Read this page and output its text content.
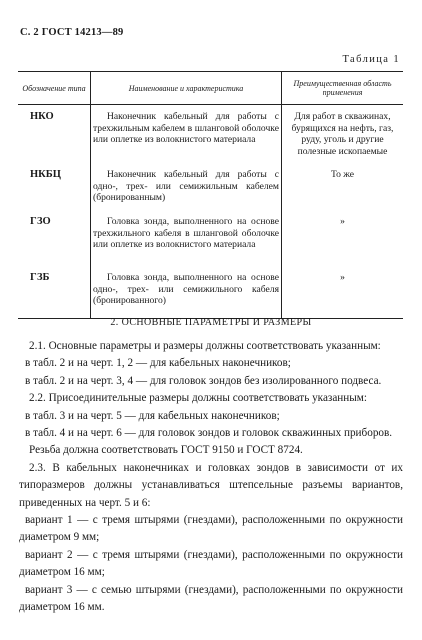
С. 2 ГОСТ 14213—89
Таблица 1
Обозначение типа	Наименование и характеристика	Преимущественная область применения
НКО	Наконечник кабельный для работы с трехжильным кабелем в шланговой оболочке или оплетке из волокнистого материала	Для работ в скважинах, бурящихся на нефть, газ, руду, уголь и другие полезные ископаемые
НКБЦ	Наконечник кабельный для работы с одно-, трех- или семижильным кабелем (бронированным)	То же
ГЗО	Головка зонда, выполненного на основе трехжильного кабеля в шланговой оболочке или оплетке из волокнистого материала	»
ГЗБ	Головка зонда, выполненного на основе одно-, трех- или семижильного кабеля (бронированного)	»
2. ОСНОВНЫЕ ПАРАМЕТРЫ И РАЗМЕРЫ

2.1. Основные параметры и размеры должны соответствовать указанным:

в табл. 2 и на черт. 1, 2 — для кабельных наконечников;

в табл. 2 и на черт. 3, 4 — для головок зондов без изолированного подвеса.

2.2. Присоединительные размеры должны соответствовать указанным:

в табл. 3 и на черт. 5 — для кабельных наконечников;

в табл. 4 и на черт. 6 — для головок зондов и головок скважинных приборов.

Резьба должна соответствовать ГОСТ 9150 и ГОСТ 8724.

2.3. В кабельных наконечниках и головках зондов в зависимости от их типоразмеров должны устанавливаться штепсельные разъемы вариантов, приведенных на черт. 5 и 6:

вариант 1 — с тремя штырями (гнездами), расположенными по окружности диаметром 9 мм;

вариант 2 — с тремя штырями (гнездами), расположенными по окружности диаметром 16 мм;

вариант 3 — с семью штырями (гнездами), расположенными по окружности диаметром 16 мм.
